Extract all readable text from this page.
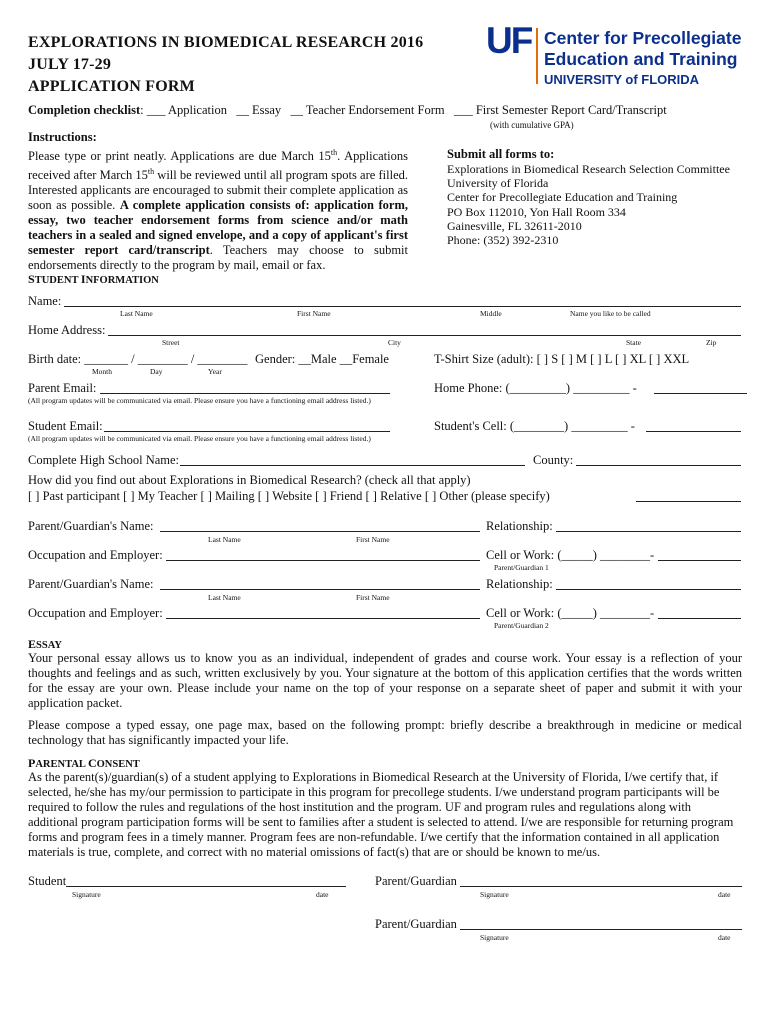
EXPLORATIONS IN BIOMEDICAL RESEARCH 2016
JULY 17-29
APPLICATION FORM
UF Center for Precollegiate
Education and Training
UNIVERSITY of FLORIDA
Completion checklist: ___ Application   __ Essay   __ Teacher Endorsement Form   ___ First Semester Report Card/Transcript
(with cumulative GPA)
Instructions:
Please type or print neatly. Applications are due March 15th. Applications received after March 15th will be reviewed until all program spots are filled. Interested applicants are encouraged to submit their complete application as soon as possible. A complete application consists of: application form, essay, two teacher endorsement forms from science and/or math teachers in a sealed and signed envelope, and a copy of applicant's first semester report card/transcript. Teachers may choose to submit endorsements directly to the program by mail, email or fax.
Submit all forms to:
Explorations in Biomedical Research Selection Committee
University of Florida
Center for Precollegiate Education and Training
PO Box 112010, Yon Hall Room 334
Gainesville, FL 32611-2010
Phone: (352) 392-2310
STUDENT INFORMATION
Name:
Last Name	First Name	Middle	Name you like to be called
Home Address:
Street	City	State	Zip
Birth date: _______ / ________ / ________
Month	Day	Year
Gender: __Male __Female	T-Shirt Size (adult): [ ] S [ ] M [ ] L [ ] XL [ ] XXL
Parent Email:
(All program updates will be communicated via email. Please ensure you have a functioning email address listed.)
Home Phone: (_________) _________ -
Student Email:
(All program updates will be communicated via email. Please ensure you have a functioning email address listed.)
Student's Cell: (________) _________ -
Complete High School Name:	County:
How did you find out about Explorations in Biomedical Research? (check all that apply)
[ ] Past participant [ ] My Teacher [ ] Mailing [ ] Website [ ] Friend [ ] Relative [ ] Other (please specify)
Parent/Guardian's Name:
Last Name	First Name
Relationship:
Occupation and Employer:	Cell or Work: (_____) ________-
Parent/Guardian 1
Parent/Guardian's Name:
Last Name	First Name
Relationship:
Occupation and Employer:	Cell or Work: (_____) ________-
Parent/Guardian 2
ESSAY
Your personal essay allows us to know you as an individual, independent of grades and course work. Your essay is a reflection of your thoughts and feelings and as such, written exclusively by you. Your signature at the bottom of this application certifies that the words written for the essay are your own. Please include your name on the top of your response on a separate sheet of paper and submit it with your application packet.
Please compose a typed essay, one page max, based on the following prompt: briefly describe a breakthrough in medicine or medical technology that has significantly impacted your life.
PARENTAL CONSENT
As the parent(s)/guardian(s) of a student applying to Explorations in Biomedical Research at the University of Florida, I/we certify that, if selected, he/she has my/our permission to participate in this program for precollege students. I/we understand program participants will be required to follow the rules and regulations of the host institution and the program. UF and program rules and regulations along with additional program participation forms will be sent to families after a student is selected to attend. I/we are responsible for returning program forms and program fees in a timely manner. Program fees are non-refundable. I/we certify that the information contained in all application materials is true, complete, and correct with no material omissions of fact(s) that are or should be known to me/us.
Student
Signature	date
Parent/Guardian
Signature	date
Parent/Guardian
Signature	date
